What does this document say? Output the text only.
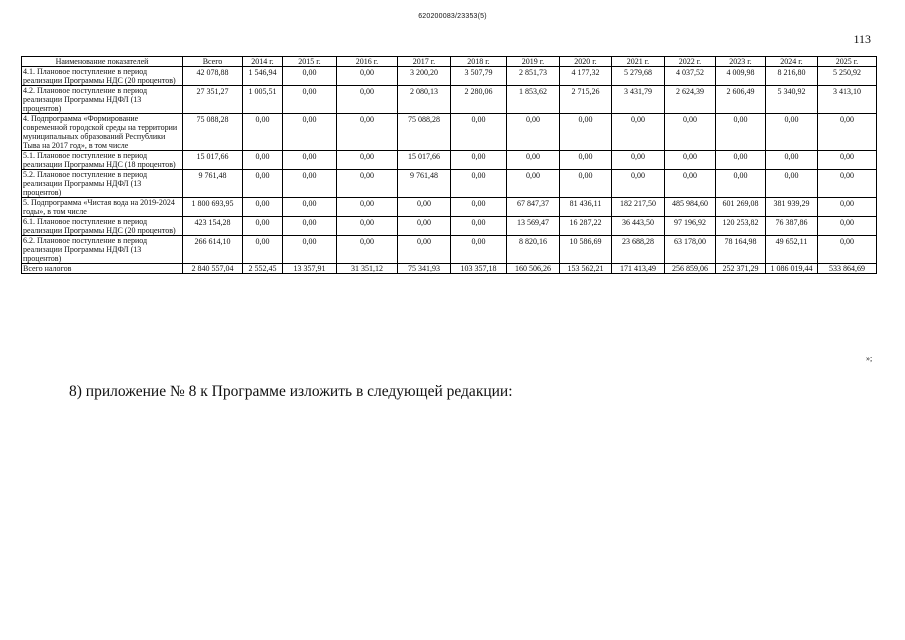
620200083/23353(5)
113
Наименование показателей	Всего	2014 г.	2015 г.	2016 г.	2017 г.	2018 г.	2019 г.	2020 г.	2021 г.	2022 г.	2023 г.	2024 г.	2025 г.
4.1. Плановое поступление в период реализации Программы НДС (20 процентов)	42 078,88	1 546,94	0,00	0,00	3 200,20	3 507,79	2 851,73	4 177,32	5 279,68	4 037,52	4 009,98	8 216,80	5 250,92
4.2. Плановое поступление в период реализации Программы НДФЛ (13 процентов)	27 351,27	1 005,51	0,00	0,00	2 080,13	2 280,06	1 853,62	2 715,26	3 431,79	2 624,39	2 606,49	5 340,92	3 413,10
4. Подпрограмма «Формирование современной городской среды на территории муниципальных образований Республики Тыва на 2017 год», в том числе	75 088,28	0,00	0,00	0,00	75 088,28	0,00	0,00	0,00	0,00	0,00	0,00	0,00	0,00
5.1. Плановое поступление в период реализации Программы НДС (18 процентов)	15 017,66	0,00	0,00	0,00	15 017,66	0,00	0,00	0,00	0,00	0,00	0,00	0,00	0,00
5.2. Плановое поступление в период реализации Программы НДФЛ (13 процентов)	9 761,48	0,00	0,00	0,00	9 761,48	0,00	0,00	0,00	0,00	0,00	0,00	0,00	0,00
5. Подпрограмма «Чистая вода на 2019-2024 годы», в том числе	1 800 693,95	0,00	0,00	0,00	0,00	0,00	67 847,37	81 436,11	182 217,50	485 984,60	601 269,08	381 939,29	0,00
6.1. Плановое поступление в период реализации Программы НДС (20 процентов)	423 154,28	0,00	0,00	0,00	0,00	0,00	13 569,47	16 287,22	36 443,50	97 196,92	120 253,82	76 387,86	0,00
6.2. Плановое поступление в период реализации Программы НДФЛ (13 процентов)	266 614,10	0,00	0,00	0,00	0,00	0,00	8 820,16	10 586,69	23 688,28	63 178,00	78 164,98	49 652,11	0,00
Всего налогов	2 840 557,04	2 552,45	13 357,91	31 351,12	75 341,93	103 357,18	160 506,26	153 562,21	171 413,49	256 859,06	252 371,29	1 086 019,44	533 864,69
»;
8) приложение № 8 к Программе изложить в следующей редакции:
